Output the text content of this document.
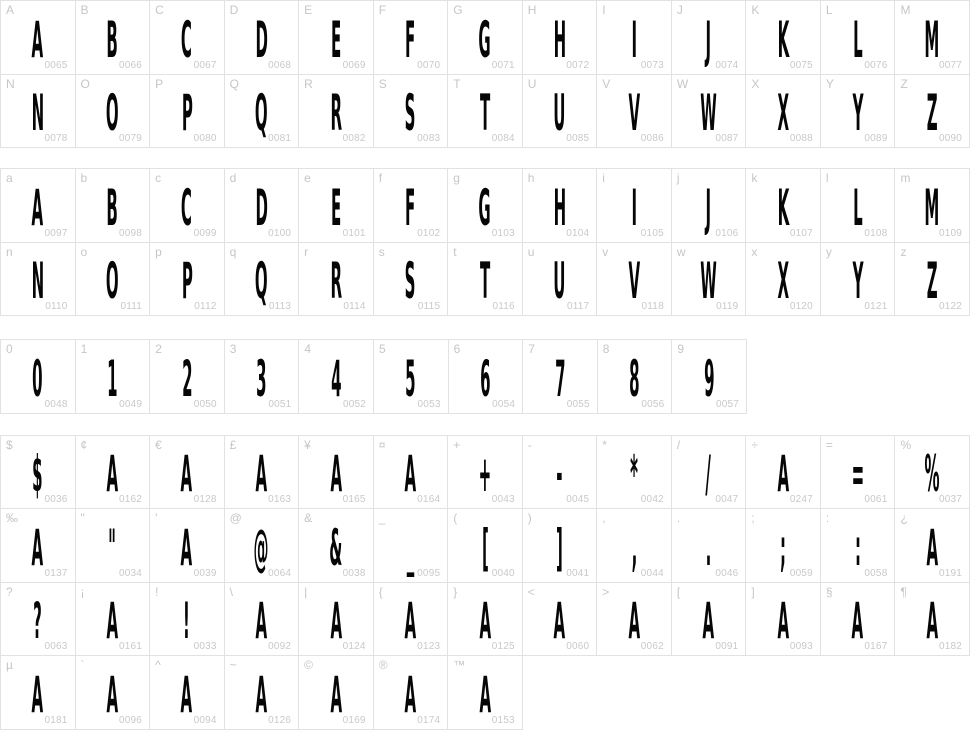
A
A 0065
B
B 0066
C
C 0067
D
D 0068
E
E 0069
F
F 0070
G
G 0071
H
H 0072
I
I 0073
J
J 0074
K
K 0075
L
L 0076
M
M 0077
N
N 0078
O
O 0079
P
P 0080
Q
Q 0081
R
R 0082
S
S 0083
T
T 0084
U
U 0085
V
V 0086
W
W
0087
X
X 0088
Y
Y 0089
Z
Z 0090
a
A 0097
b
B 0098
c
C 0099
d
D 0100
e
E 0101
f
F 0102
g
G 0103
h
H 0104
i
I 0105
j
J 0106
k
K 0107
l
L 0108
m
M 0109
n
N 0110
o
O 0111
p
P 0112
q
Q 0113
r
R 0114
s
S 0115
t
T 0116
u
U 0117
v
V 0118
w
W 0119
x
X 0120
y
Y 0121
z
Z 0122
0
0 0048
1
1 0049
2
2 0050
3
3 0051
4
4 0052
5
5 0053
6
6 0054
7
7 0055
8
8 0056
9
9 0057
$
$ 0036
¢
A 0162
€
A 0128
£
A 0163
¥
A 0165
¤
A 0164
+
+ 0043
-
- 0045
*
* 0042
/
/ 0047
÷
A 0247
=
= 0061
%
% 0037
‰
A 0137
"
" 0034
'
A 0039
@
@ 0064
&
& 0038
_
_ 0095
(
[ 0040
)
] 0041
,
, 0044
.
. 0046
;
; 0059
:
: 0058
¿
A 0191
?
? 0063
¡
A 0161
!
! 0033
\
A 0092
|
A 0124
{
A 0123
}
A 0125
<
A 0060
>
A 0062
[
A 0091
]
A 0093
§
A 0167
¶
A 0182
µ
A 0181
`
A 0096
^
A 0094
~
A 0126
©
A 0169
®
A 0174
™
A 0153
